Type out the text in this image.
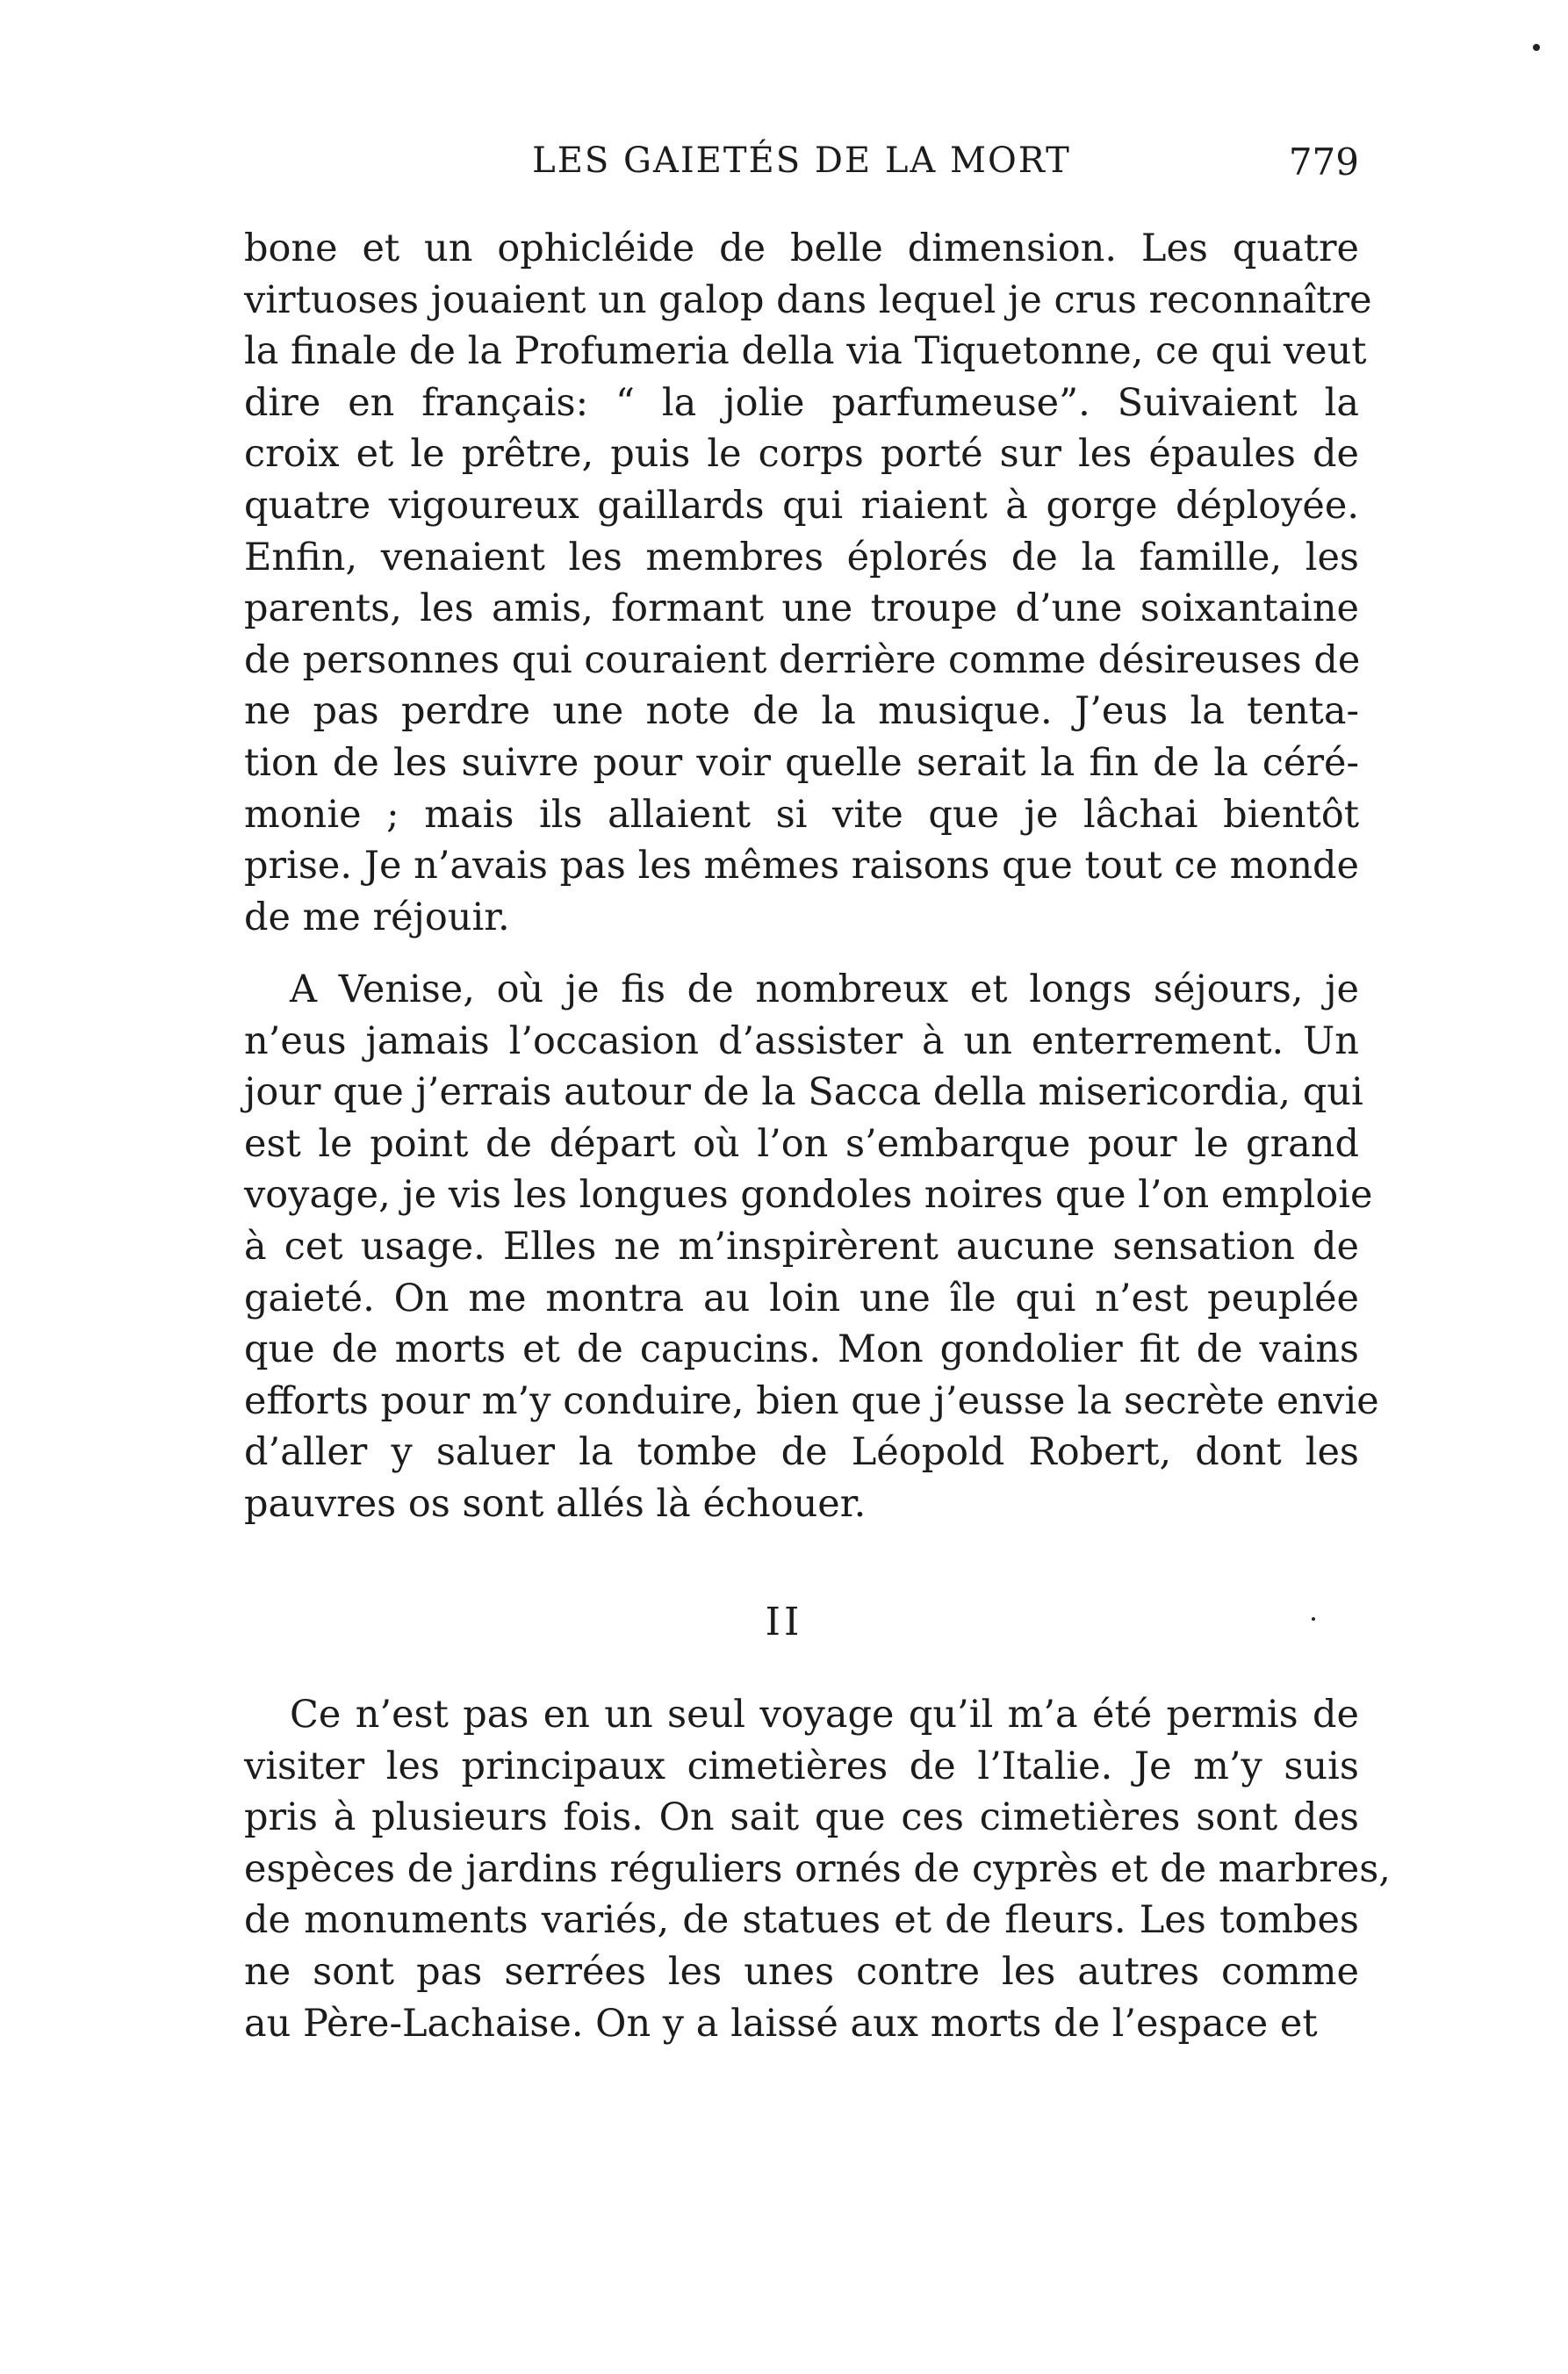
LES GAIETÉS DE LA MORT	779
bone et un ophicléide de belle dimension. Les quatre
virtuoses jouaient un galop dans lequel je crus reconnaître
la finale de la Profumeria della via Tiquetonne, ce qui veut
dire en français: “ la jolie parfumeuse”. Suivaient la
croix et le prêtre, puis le corps porté sur les épaules de
quatre vigoureux gaillards qui riaient à gorge déployée.
Enfin, venaient les membres éplorés de la famille, les
parents, les amis, formant une troupe d’une soixantaine
de personnes qui couraient derrière comme désireuses de
ne pas perdre une note de la musique. J’eus la tenta-
tion de les suivre pour voir quelle serait la fin de la céré-
monie ; mais ils allaient si vite que je lâchai bientôt
prise. Je n’avais pas les mêmes raisons que tout ce monde
de me réjouir.
A Venise, où je fis de nombreux et longs séjours, je
n’eus jamais l’occasion d’assister à un enterrement. Un
jour que j’errais autour de la Sacca della misericordia, qui
est le point de départ où l’on s’embarque pour le grand
voyage, je vis les longues gondoles noires que l’on emploie
à cet usage. Elles ne m’inspirèrent aucune sensation de
gaieté. On me montra au loin une île qui n’est peuplée
que de morts et de capucins. Mon gondolier fit de vains
efforts pour m’y conduire, bien que j’eusse la secrète envie
d’aller y saluer la tombe de Léopold Robert, dont les
pauvres os sont allés là échouer.
Ce n’est pas en un seul voyage qu’il m’a été permis de
visiter les principaux cimetières de l’Italie. Je m’y suis
pris à plusieurs fois. On sait que ces cimetières sont des
espèces de jardins réguliers ornés de cyprès et de marbres,
de monuments variés, de statues et de fleurs. Les tombes
ne sont pas serrées les unes contre les autres comme
au Père-Lachaise. On y a laissé aux morts de l’espace et
II
